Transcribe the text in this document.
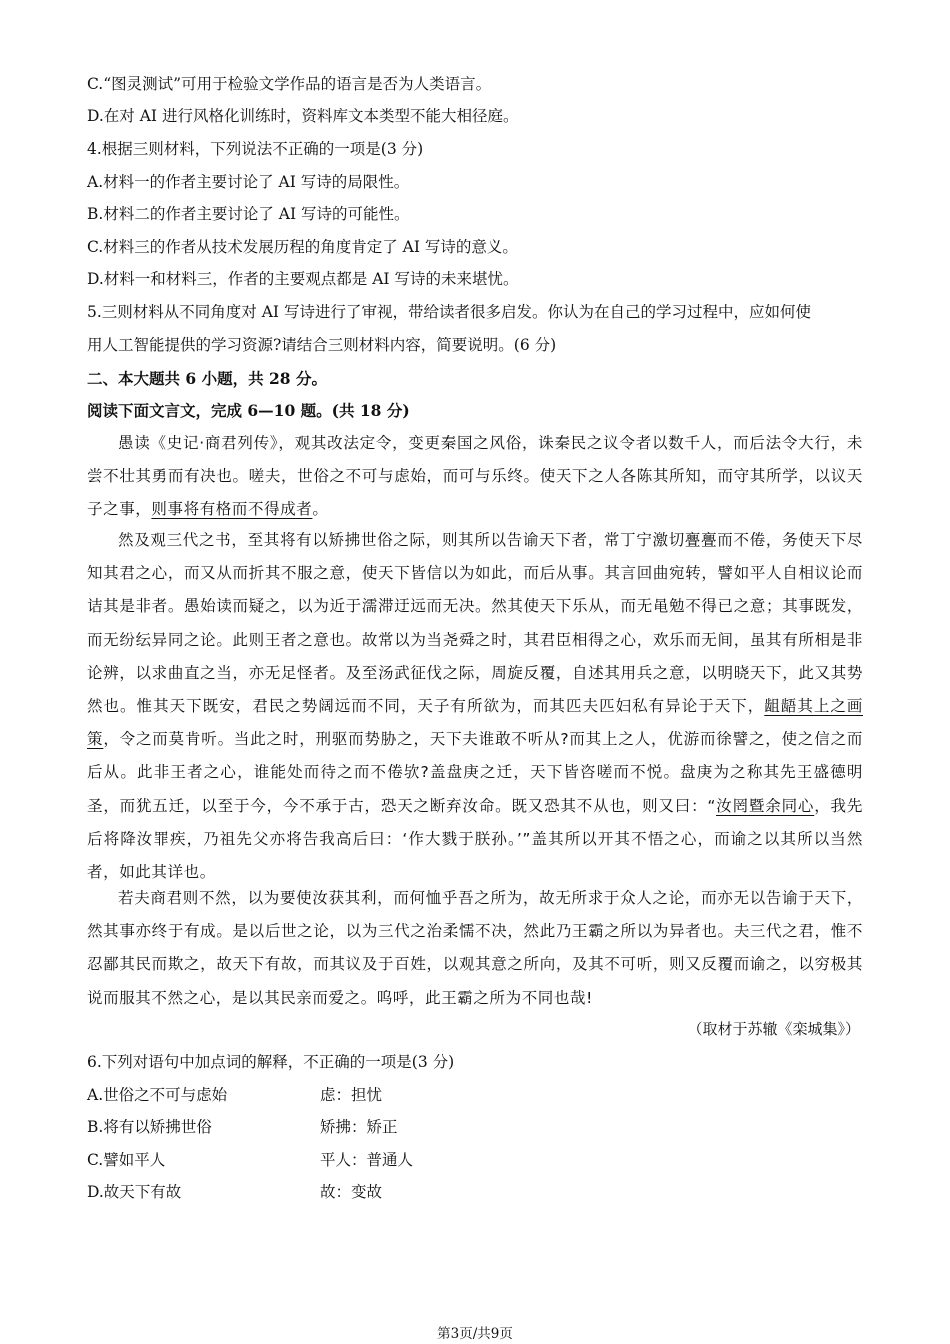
C.“图灵测试”可用于检验文学作品的语言是否为人类语言。
D.在对 AI 进行风格化训练时，资料库文本类型不能大相径庭。
4.根据三则材料，下列说法不正确的一项是(3 分)
A.材料一的作者主要讨论了 AI 写诗的局限性。
B.材料二的作者主要讨论了 AI 写诗的可能性。
C.材料三的作者从技术发展历程的角度肯定了 AI 写诗的意义。
D.材料一和材料三，作者的主要观点都是 AI 写诗的未来堪忧。
5.三则材料从不同角度对 AI 写诗进行了审视，带给读者很多启发。你认为在自己的学习过程中，应如何使
用人工智能提供的学习资源?请结合三则材料内容，简要说明。(6 分)
二、本大题共 6 小题，共 28 分。
阅读下面文言文，完成 6—10 题。(共 18 分)
愚读《史记·商君列传》，观其改法定令，变更秦国之风俗，诛秦民之议令者以数千人，而后法令大行，未尝不壮其勇而有决也。嗟夫，世俗之不可与虑始，而可与乐终。使天下之人各陈其所知，而守其所学，以议天子之事，则事将有格而不得成者。
然及观三代之书，至其将有以矫拂世俗之际，则其所以告谕天下者，常丁宁激切亹亹而不倦，务使天下尽知其君之心，而又从而折其不服之意，使天下皆信以为如此，而后从事。其言回曲宛转，譬如平人自相议论而诘其是非者。愚始读而疑之，以为近于濡滞迂远而无决。然其使天下乐从，而无黾勉不得已之意；其事既发，而无纷纭异同之论。此则王者之意也。故常以为当尧舜之时，其君臣相得之心，欢乐而无间，虽其有所相是非论辨，以求曲直之当，亦无足怪者。及至汤武征伐之际，周旋反覆，自述其用兵之意，以明晓天下，此又其势然也。惟其天下既安，君民之势阔远而不同，天子有所欲为，而其匹夫匹妇私有异论于天下，龃龉其上之画策，令之而莫肯听。当此之时，刑驱而势胁之，天下夫谁敢不听从?而其上之人，优游而徐譬之，使之信之而后从。此非王者之心，谁能处而待之而不倦欤?盖盘庚之迁，天下皆咨嗟而不悦。盘庚为之称其先王盛德明圣，而犹五迁，以至于今，今不承于古，恐天之断弃汝命。既又恐其不从也，则又曰：“汝罔暨余同心，我先后将降汝罪疾，乃祖先父亦将告我高后曰：‘作大戮于朕孙。’”盖其所以开其不悟之心，而谕之以其所以当然者，如此其详也。
若夫商君则不然，以为要使汝获其利，而何恤乎吾之所为，故无所求于众人之论，而亦无以告谕于天下，然其事亦终于有成。是以后世之论，以为三代之治柔懦不决，然此乃王霸之所以为异者也。夫三代之君，惟不忍鄙其民而欺之，故天下有故，而其议及于百姓，以观其意之所向，及其不可听，则又反覆而谕之，以穷极其说而服其不然之心，是以其民亲而爱之。呜呼，此王霸之所为不同也哉!
（取材于苏辙《栾城集》）
6.下列对语句中加点词的解释，不正确的一项是(3 分)
A.世俗之不可与虑始	虑：担忧
B.将有以矫拂世俗	矫拂：矫正
C.譬如平人	平人：普通人
D.故天下有故	故：变故
第3页/共9页
